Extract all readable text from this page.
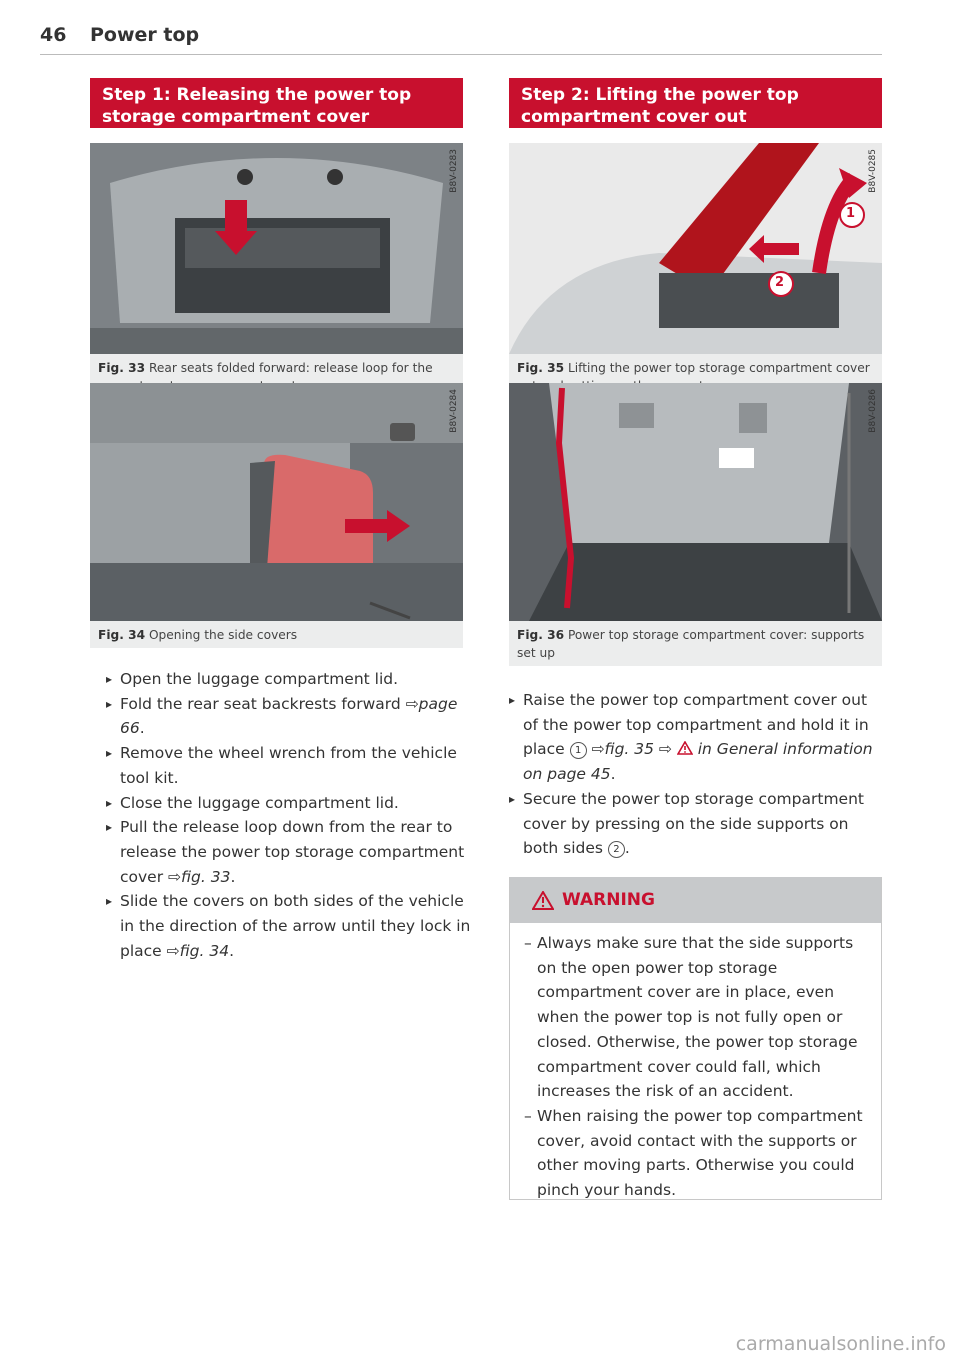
46 Power top
Step 1: Releasing the power top storage compartment cover
B8V-0283
Fig. 33 Rear seats folded forward: release loop for the
B8V-0284
Fig. 34 Opening the side covers
▸ Open the luggage compartment lid.
▸ Fold the rear seat backrests forward ⇨page 66.
▸ Remove the wheel wrench from the vehicle tool kit.
▸ Close the luggage compartment lid.
▸ Pull the release loop down from the rear to release the power top storage compartment cover ⇨fig. 33.
▸ Slide the covers on both sides of the vehicle in the direction of the arrow until they lock in place ⇨fig. 34.
Step 2: Lifting the power top compartment cover out
1
2
B8V-0285
Fig. 35 Lifting the power top storage compartment cover
B8V-0286
Fig. 36 Power top storage compartment cover: supports set up
▸ Raise the power top compartment cover out of the power top compartment and hold it in place 1 ⇨fig. 35 ⇨  in General information on page 45.
▸ Secure the power top storage compartment cover by pressing on the side supports on both sides 2 .
WARNING
– Always make sure that the side supports on the open power top storage compartment cover are in place, even when the power top is not fully open or closed. Otherwise, the power top storage compartment cover could fall, which increases the risk of an accident.
– When raising the power top compartment cover, avoid contact with the supports or other moving parts. Otherwise you could pinch your hands.
carmanualsonline.info
